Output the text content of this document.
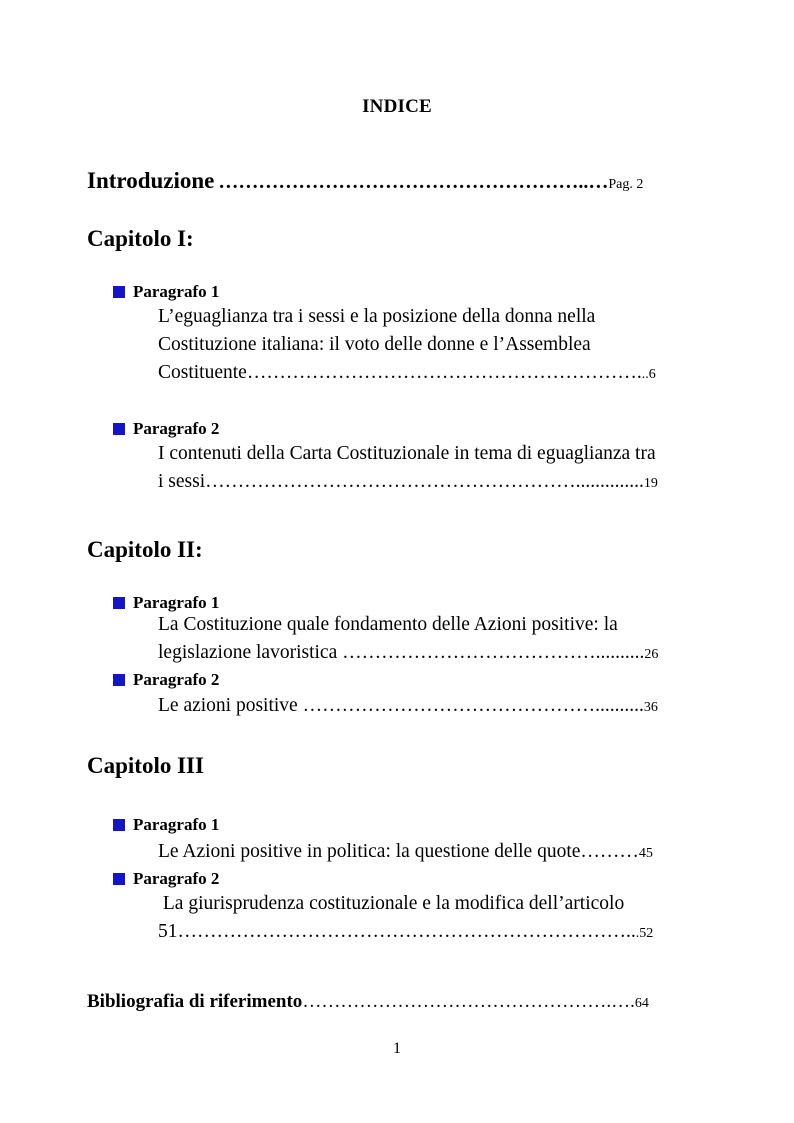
INDICE
Introduzione ………………………………………………..…Pag. 2
Capitolo I:
Paragrafo 1
L’eguaglianza tra i sessi e la posizione della donna nella
Costituzione italiana: il voto delle donne e l’Assemblea
Costituente……………………………………………………...6
Paragrafo 2
I contenuti della Carta Costituzionale in tema di eguaglianza tra
i sessi…………………………………………………..............19
Capitolo II:
Paragrafo 1
La Costituzione quale fondamento delle Azioni positive: la
legislazione lavoristica …………………………………..........26
Paragrafo 2
Le azioni positive ………………………………………..........36
Capitolo III
Paragrafo 1
Le Azioni positive in politica: la questione delle quote………45
Paragrafo 2
La giurisprudenza costituzionale e la modifica dell’articolo
51……………………………………………………………...52
Bibliografia di riferimento………………………………………….….64
1
